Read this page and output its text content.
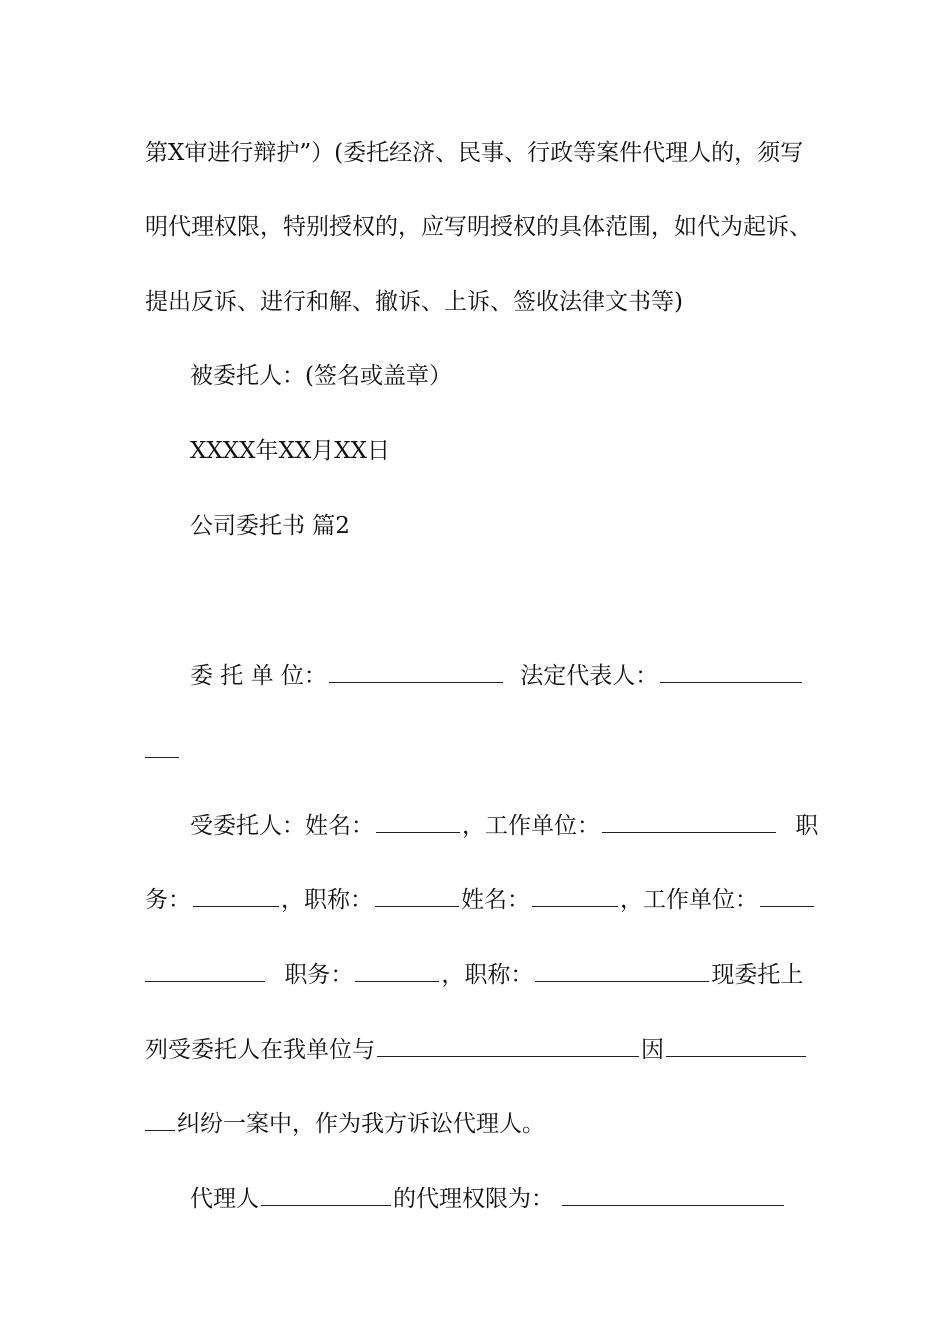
第X审进行辩护”）(委托经济、民事、行政等案件代理人的，须写
明代理权限，特别授权的，应写明授权的具体范围，如代为起诉、
提出反诉、进行和解、撤诉、上诉、签收法律文书等)
被委托人：(签名或盖章）
XXXX年XX月XX日
公司委托书 篇2
委 托 单 位：	法定代表人：
受委托人：姓名：	，工作单位：	职
务：	，职称：	姓名：	，工作单位：
职务：	，职称：	现委托上
列受委托人在我单位与	因
纠纷一案中，作为我方诉讼代理人。
代理人	的代理权限为：
